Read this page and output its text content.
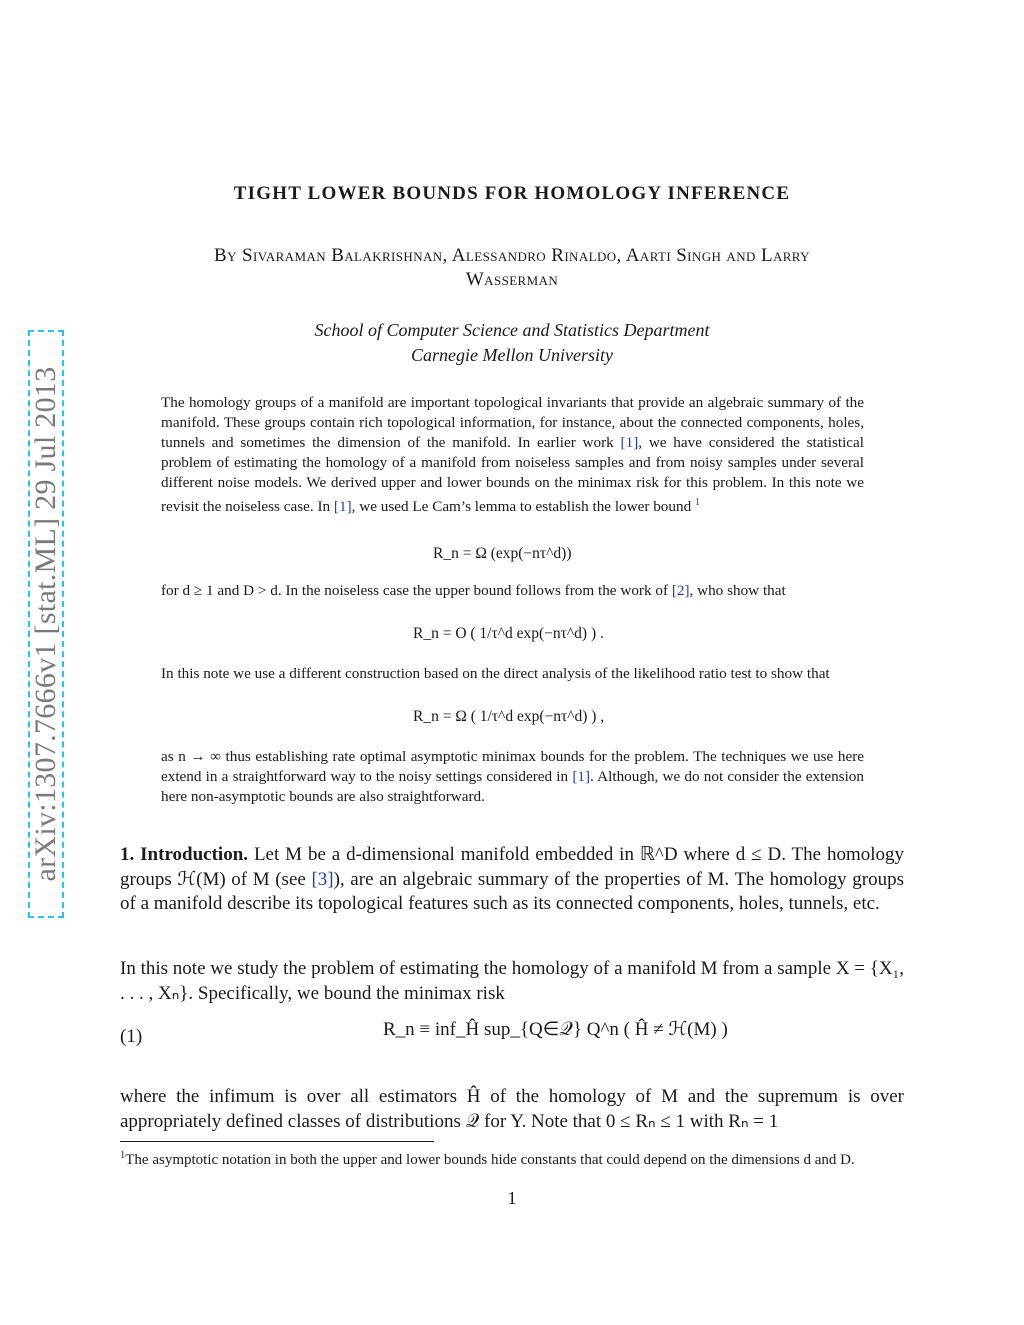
arXiv:1307.7666v1 [stat.ML] 29 Jul 2013
TIGHT LOWER BOUNDS FOR HOMOLOGY INFERENCE
By Sivaraman Balakrishnan, Alessandro Rinaldo, Aarti Singh and Larry
Wasserman
School of Computer Science and Statistics Department
Carnegie Mellon University

The homology groups of a manifold are important topological invariants that provide an algebraic summary of the manifold. These groups contain rich topological information, for instance, about the connected components, holes, tunnels and sometimes the dimension of the manifold. In earlier work [1], we have considered the statistical problem of estimating the homology of a manifold from noiseless samples and from noisy samples under several different noise models. We derived upper and lower bounds on the minimax risk for this problem. In this note we revisit the noiseless case. In [1], we used Le Cam’s lemma to establish the lower bound $^1$

R_n = Ω (exp(−nτ^d))

for d ≥ 1 and D > d. In the noiseless case the upper bound follows from the work of [2], who show that

R_n = O ( 1/τ^d exp(−nτ^d) ) .
In this note we use a different construction based on the direct analysis of the likelihood ratio test to show that
R_n = Ω ( 1/τ^d exp(−nτ^d) ) ,

as n → ∞ thus establishing rate optimal asymptotic minimax bounds for the problem. The techniques we use here extend in a straightforward way to the noisy settings considered in [1]. Although, we do not consider the extension here non-asymptotic bounds are also straightforward.

1. Introduction. Let M be a d-dimensional manifold embedded in ℝ^D where d ≤ D. The homology groups ℋ(M) of M (see [3]), are an algebraic summary of the properties of M. The homology groups of a manifold describe its topological features such as its connected components, holes, tunnels, etc.

In this note we study the problem of estimating the homology of a manifold M from a sample X = {X₁, . . . , Xₙ}. Specifically, we bound the minimax risk
(1)	R_n ≡ inf_Ĥ sup_{Q∈𝒬} Q^n ( Ĥ ≠ ℋ(M) )
where the infimum is over all estimators Ĥ of the homology of M and the supremum is over appropriately defined classes of distributions 𝒬 for Y. Note that 0 ≤ Rₙ ≤ 1 with Rₙ = 1
$^1$The asymptotic notation in both the upper and lower bounds hide constants that could depend on the dimensions d and D.
1
